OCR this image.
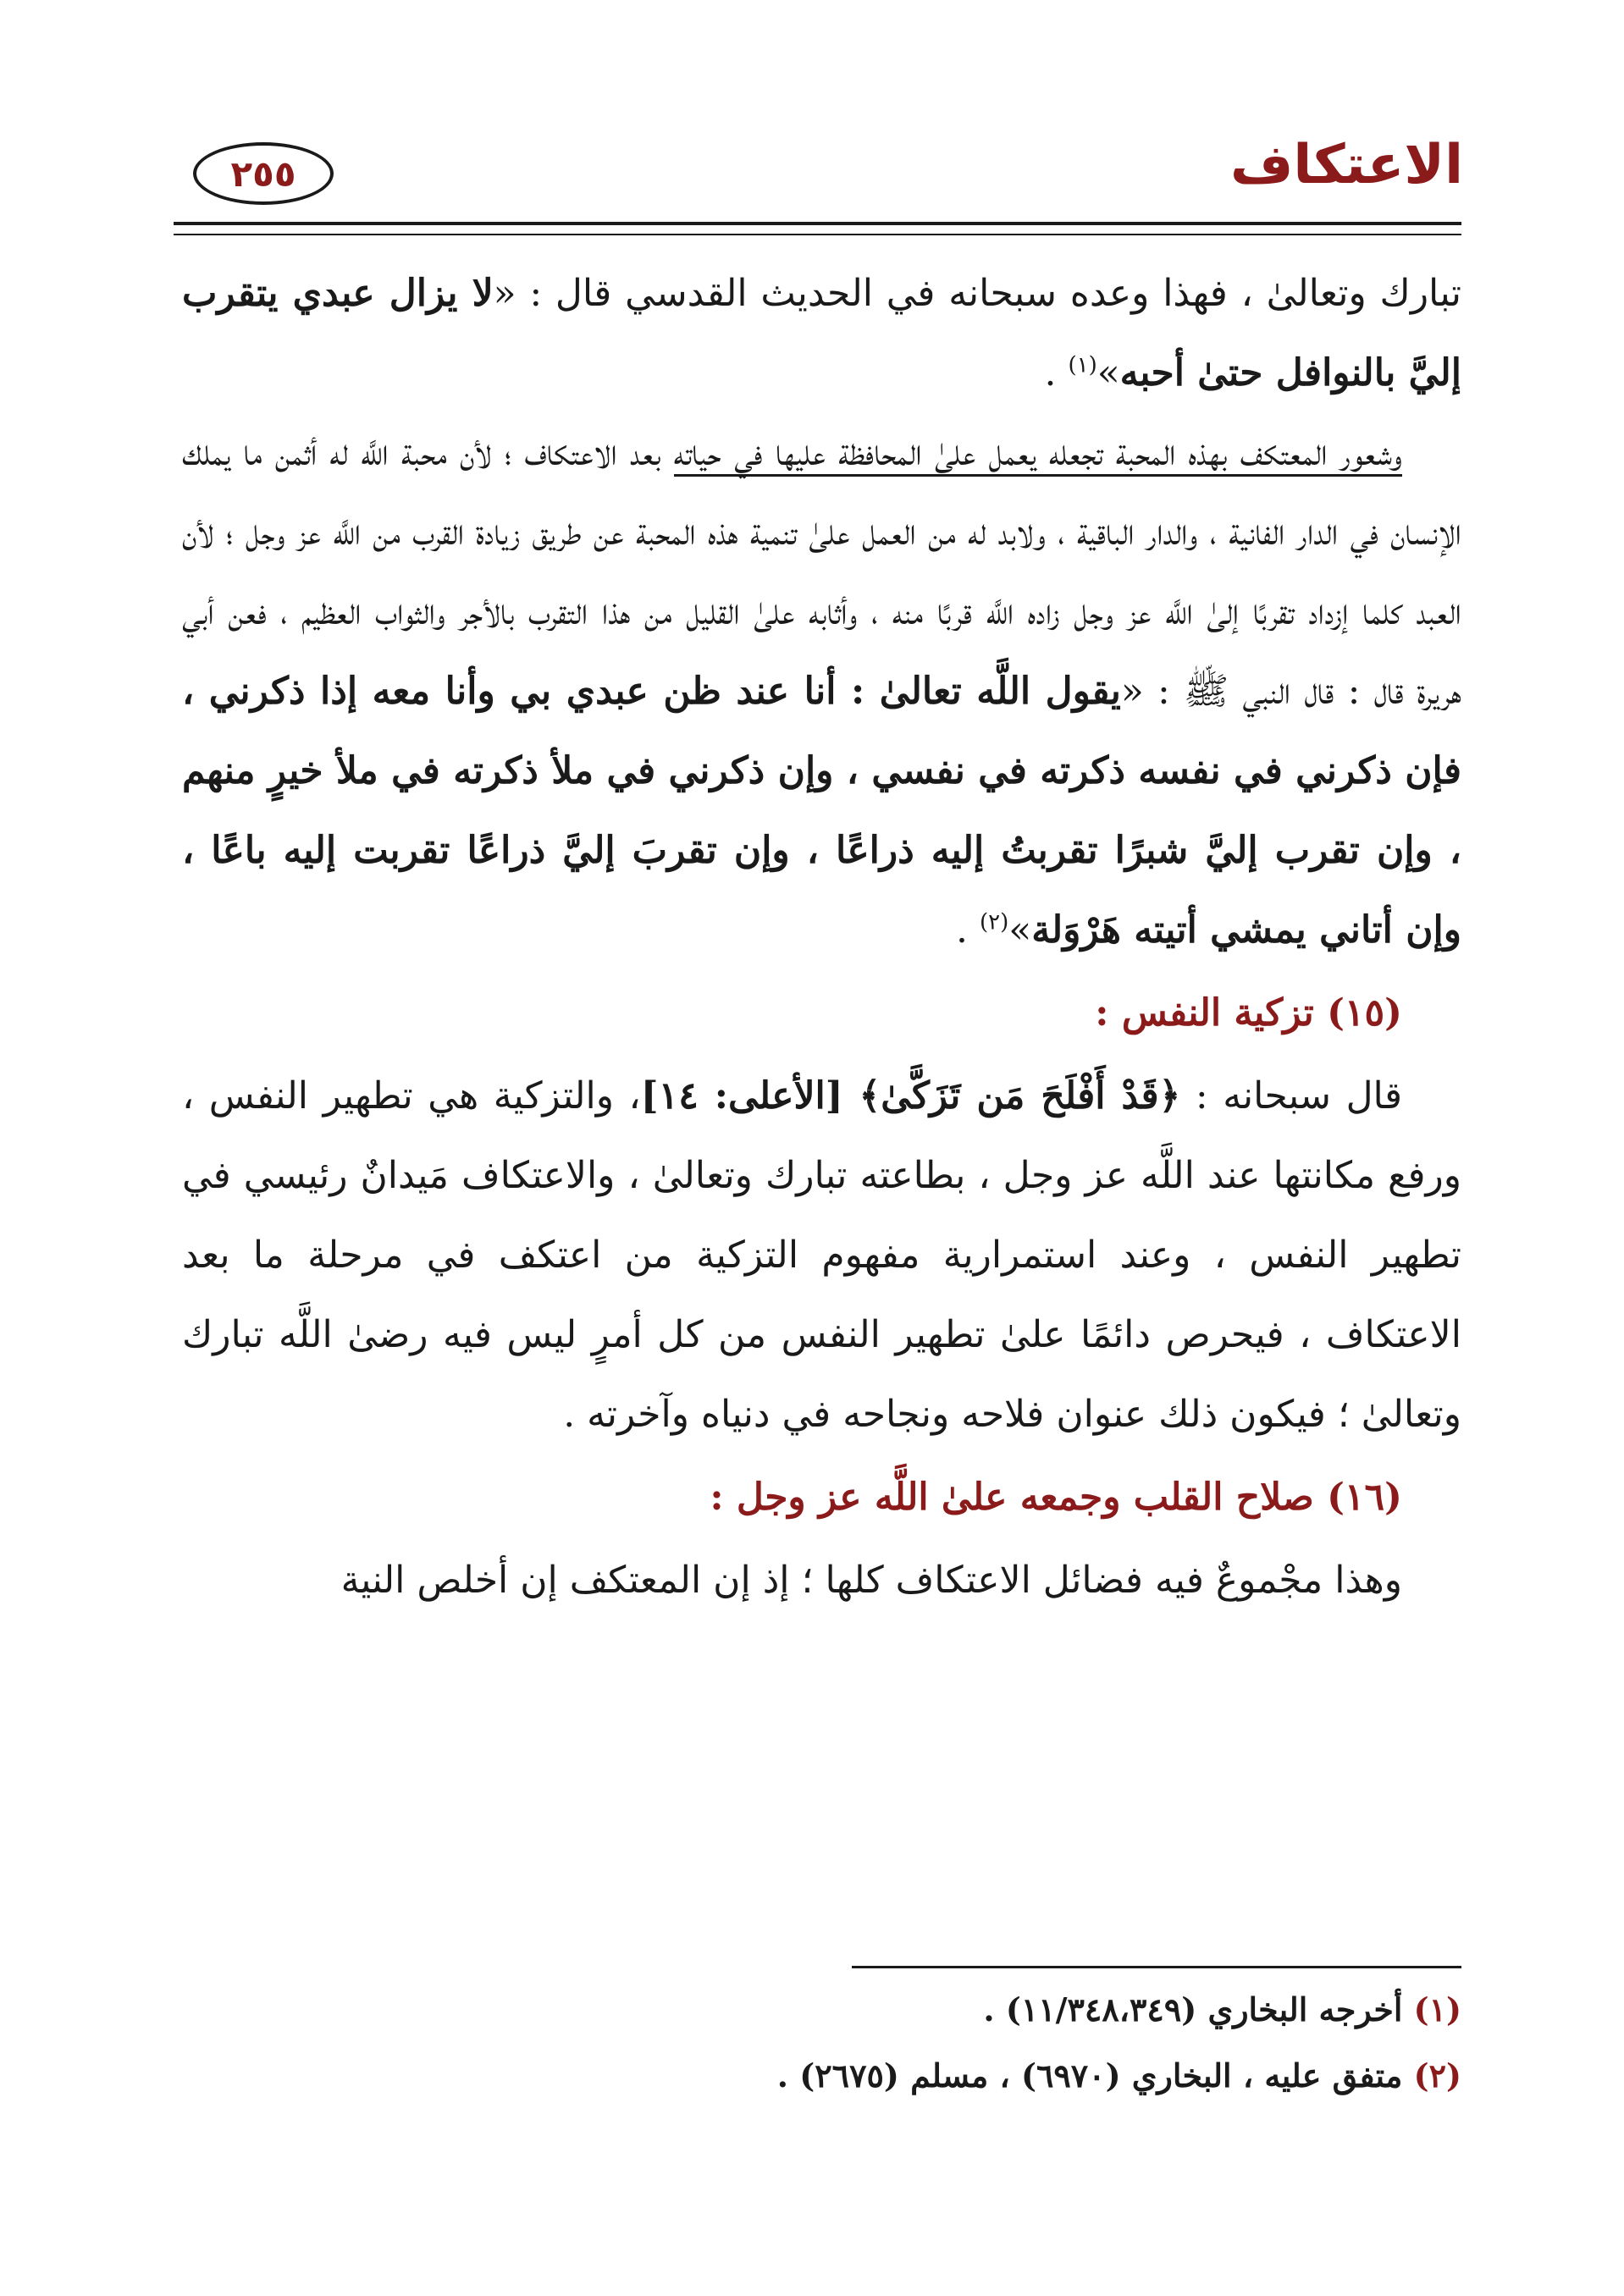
الاعتكاف
٢٥٥

تبارك وتعالىٰ ، فهذا وعده سبحانه في الحديث القدسي قال : «لا يزال عبدي يتقرب إليَّ بالنوافل حتىٰ أحبه»$^{(١)}$ .

وشعور المعتكف بهذه المحبة تجعله يعمل علىٰ المحافظة عليها في حياته بعد الاعتكاف ؛ لأن محبة اللَّه له أثمن ما يملك الإنسان في الدار الفانية ، والدار الباقية ، ولابد له من العمل علىٰ تنمية هذه المحبة عن طريق زيادة القرب من اللَّه عز وجل ؛ لأن العبد كلما إزداد تقربًا إلىٰ اللَّه عز وجل زاده اللَّه قربًا منه ، وأثابه علىٰ القليل من هذا التقرب بالأجر والثواب العظيم ، فعن أبي هريرة قال : قال النبي ﷺ : «يقول اللَّه تعالىٰ : أنا عند ظن عبدي بي وأنا معه إذا ذكرني ، فإن ذكرني في نفسه ذكرته في نفسي ، وإن ذكرني في ملأ ذكرته في ملأ خيرٍ منهم ، وإن تقرب إليَّ شبرًا تقربتُ إليه ذراعًا ، وإن تقربَ إليَّ ذراعًا تقربت إليه باعًا ، وإن أتاني يمشي أتيته هَرْوَلة»$^{(٢)}$ .

(١٥) تزكية النفس :

قال سبحانه : ﴿قَدْ أَفْلَحَ مَن تَزَكَّىٰ﴾ [الأعلى: ١٤]، والتزكية هي تطهير النفس ، ورفع مكانتها عند اللَّه عز وجل ، بطاعته تبارك وتعالىٰ ، والاعتكاف مَيدانٌ رئيسي في تطهير النفس ، وعند استمرارية مفهوم التزكية من اعتكف في مرحلة ما بعد الاعتكاف ، فيحرص دائمًا علىٰ تطهير النفس من كل أمرٍ ليس فيه رضىٰ اللَّه تبارك وتعالىٰ ؛ فيكون ذلك عنوان فلاحه ونجاحه في دنياه وآخرته .

(١٦) صلاح القلب وجمعه علىٰ اللَّه عز وجل :

وهذا مجْموعٌ فيه فضائل الاعتكاف كلها ؛ إذ إن المعتكف إن أخلص النية

(١) أخرجه البخاري (١١/٣٤٨،٣٤٩) .

(٢) متفق عليه ، البخاري (٦٩٧٠) ، مسلم (٢٦٧٥) .
